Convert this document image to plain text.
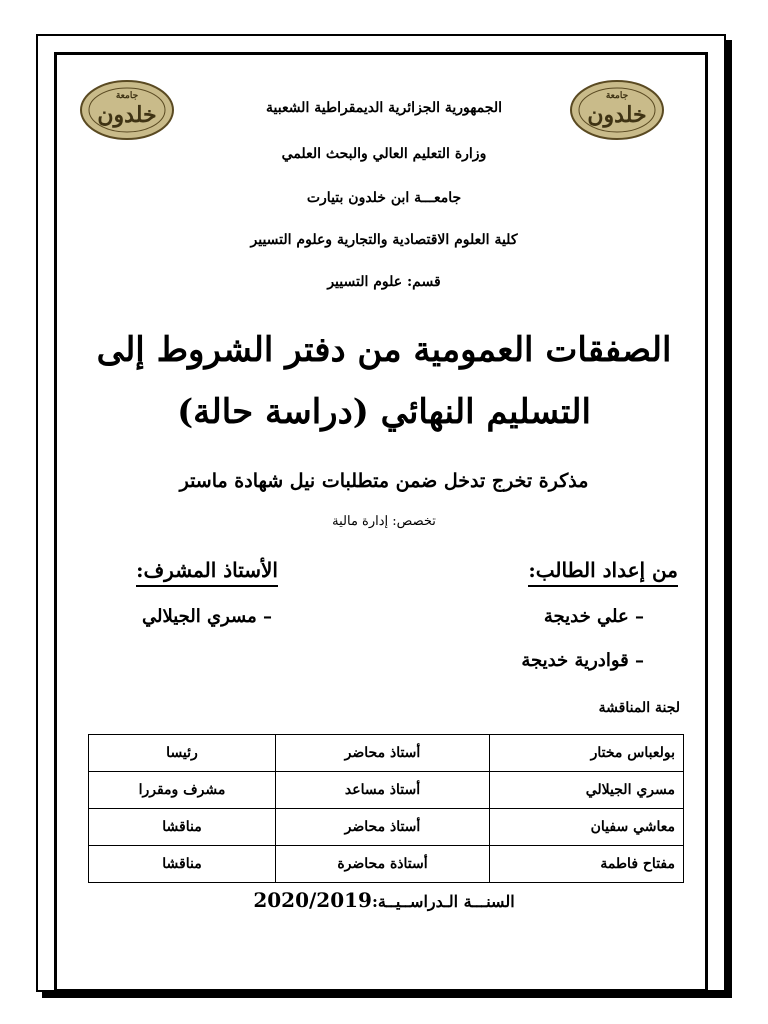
جامعة
خلدون
جامعة
خلدون
الجمهورية الجزائرية الديمقراطية الشعبية
وزارة التعليم العالي والبحث العلمي
جامعـــة ابن خلدون بتيارت
كلية العلوم الاقتصادية والتجارية وعلوم التسيير
قسم: علوم التسيير
الصفقات العمومية من دفتر الشروط إلى
التسليم النهائي (دراسة حالة)
مذكرة تخرج تدخل ضمن متطلبات نيل شهادة ماستر
تخصص: إدارة مالية
من إعداد الطالب:
الأستاذ المشرف:
– علي خديجة
– قوادرية خديجة
– مسري الجيلالي
لجنة المناقشة
بولعباس مختار	أستاذ محاضر	رئيسا
مسري الجيلالي	أستاذ مساعد	مشرف ومقررا
معاشي سفيان	أستاذ محاضر	مناقشا
مفتاح فاطمة	أستاذة محاضرة	مناقشا
السنـــة الـدراســيــة:2020/2019
